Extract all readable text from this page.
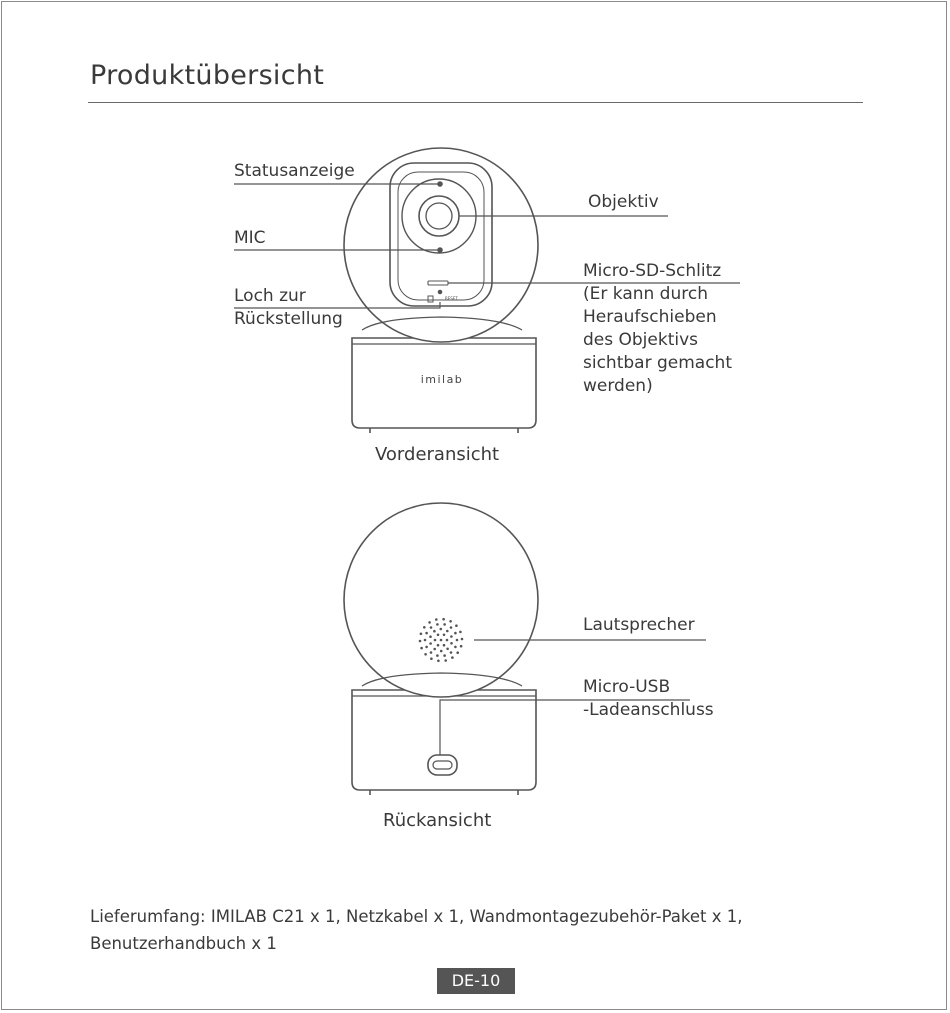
Produktübersicht
imilab
RESET
Statusanzeige
MIC
Loch zur
Rückstellung
Objektiv
Micro-SD-Schlitz
(Er kann durch
Heraufschieben
des Objektivs
sichtbar gemacht
werden)
Vorderansicht
Lautsprecher
Micro-USB
-Ladeanschluss
Rückansicht
Lieferumfang: IMILAB C21 x 1, Netzkabel x 1, Wandmontagezubehör-Paket x 1,
Benutzerhandbuch x 1
DE-10
